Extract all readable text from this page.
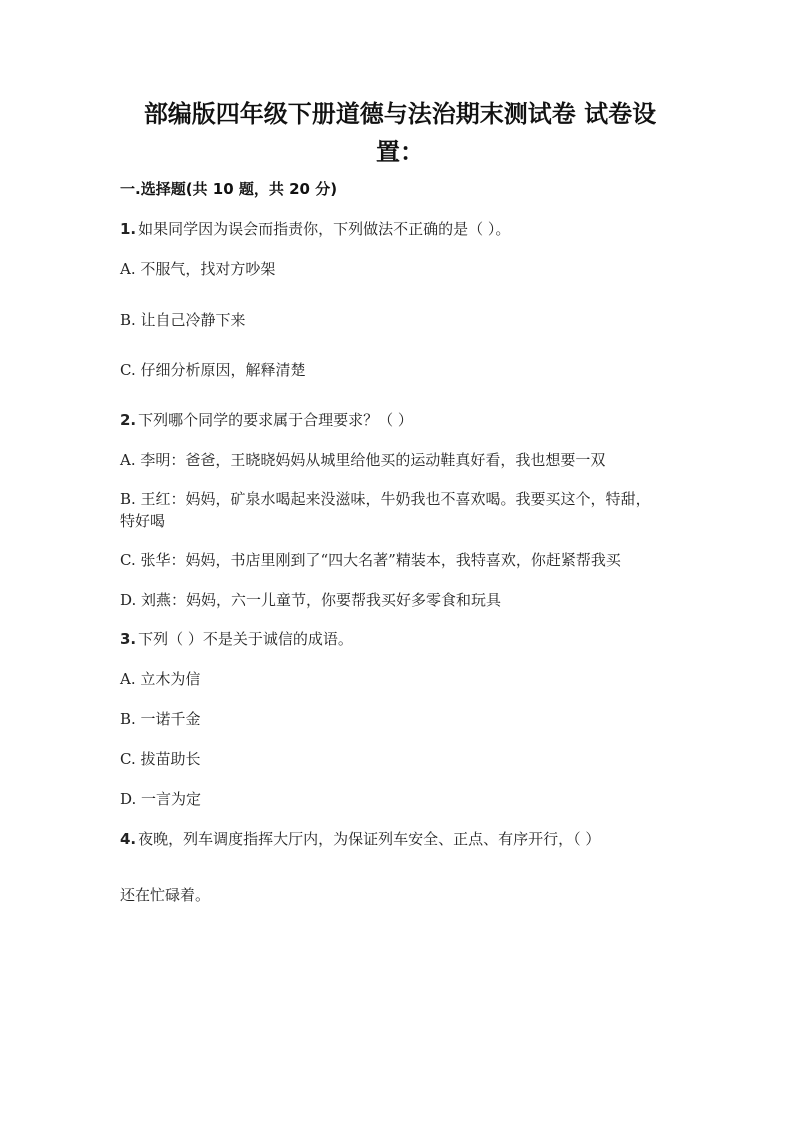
部编版四年级下册道德与法治期末测试卷 试卷设置：
一.选择题(共 10 题，共 20 分)
1. 如果同学因为误会而指责你，下列做法不正确的是（ ）。
A. 不服气，找对方吵架
B. 让自己冷静下来
C. 仔细分析原因，解释清楚
2. 下列哪个同学的要求属于合理要求？（ ）
A. 李明：爸爸，王晓晓妈妈从城里给他买的运动鞋真好看，我也想要一双
B. 王红：妈妈，矿泉水喝起来没滋味，牛奶我也不喜欢喝。我要买这个，特甜，特好喝
C. 张华：妈妈，书店里刚到了“四大名著”精装本，我特喜欢，你赶紧帮我买
D. 刘燕：妈妈，六一儿童节，你要帮我买好多零食和玩具
3. 下列（ ）不是关于诚信的成语。
A. 立木为信
B. 一诺千金
C. 拔苗助长
D. 一言为定
4. 夜晚，列车调度指挥大厅内，为保证列车安全、正点、有序开行，（ ）
还在忙碌着。
